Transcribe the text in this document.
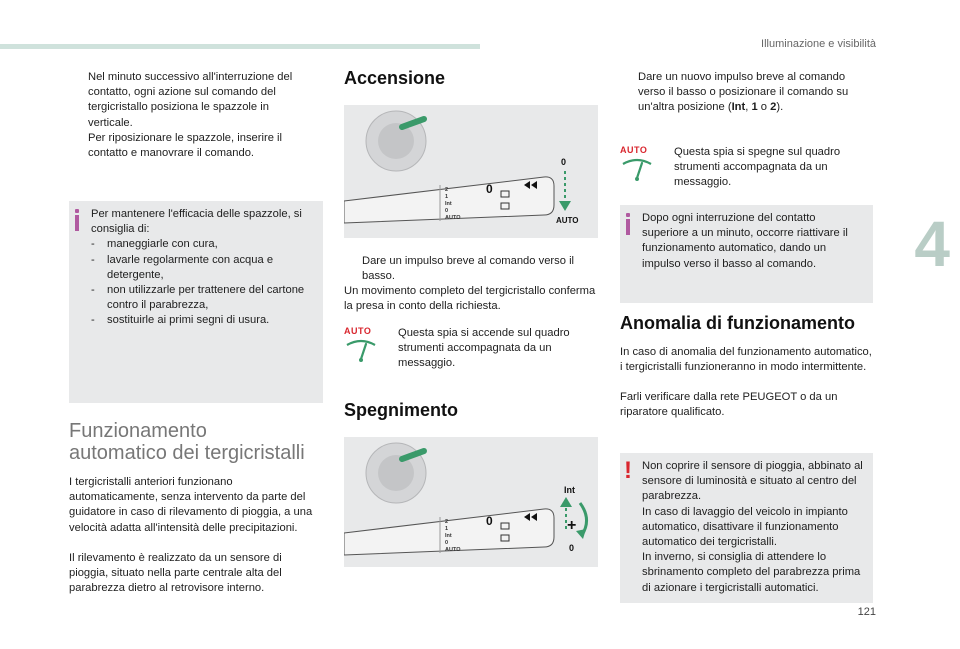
Illuminazione e visibilità
4
Nel minuto successivo all'interruzione del contatto, ogni azione sul comando del tergicristallo posiziona le spazzole in verticale.
Per riposizionare le spazzole, inserire il contatto e manovrare il comando.
Per mantenere l'efficacia delle spazzole, si consiglia di:
- maneggiarle con cura,
- lavarle regolarmente con acqua e detergente,
- non utilizzarle per trattenere del cartone contro il parabrezza,
- sostituirle ai primi segni di usura.
Funzionamento
automatico dei tergicristalli
I tergicristalli anteriori funzionano automaticamente, senza intervento da parte del guidatore in caso di rilevamento di pioggia, a una velocità adatta all'intensità delle precipitazioni.
Il rilevamento è realizzato da un sensore di pioggia, situato nella parte centrale alta del parabrezza dietro al retrovisore interno.
Accensione
2
1
Int
0
AUTO
0
0
AUTO
Dare un impulso breve al comando verso il basso.
Un movimento completo del tergicristallo conferma la presa in conto della richiesta.
AUTO	Questa spia si accende sul quadro strumenti accompagnata da un messaggio.
Spegnimento
2
1
Int
0
AUTO
0
Int
+
0
Dare un nuovo impulso breve al comando verso il basso o posizionare il comando su un'altra posizione (Int, 1 o 2).
AUTO	Questa spia si spegne sul quadro strumenti accompagnata da un messaggio.
Dopo ogni interruzione del contatto superiore a un minuto, occorre riattivare il funzionamento automatico, dando un impulso verso il basso al comando.
Anomalia di funzionamento
In caso di anomalia del funzionamento automatico, i tergicristalli funzioneranno in modo intermittente.
Farli verificare dalla rete PEUGEOT o da un riparatore qualificato.
! Non coprire il sensore di pioggia, abbinato al sensore di luminosità e situato al centro del parabrezza.
In caso di lavaggio del veicolo in impianto automatico, disattivare il funzionamento automatico dei tergicristalli.
In inverno, si consiglia di attendere lo sbrinamento completo del parabrezza prima di azionare i tergicristalli automatici.
121
